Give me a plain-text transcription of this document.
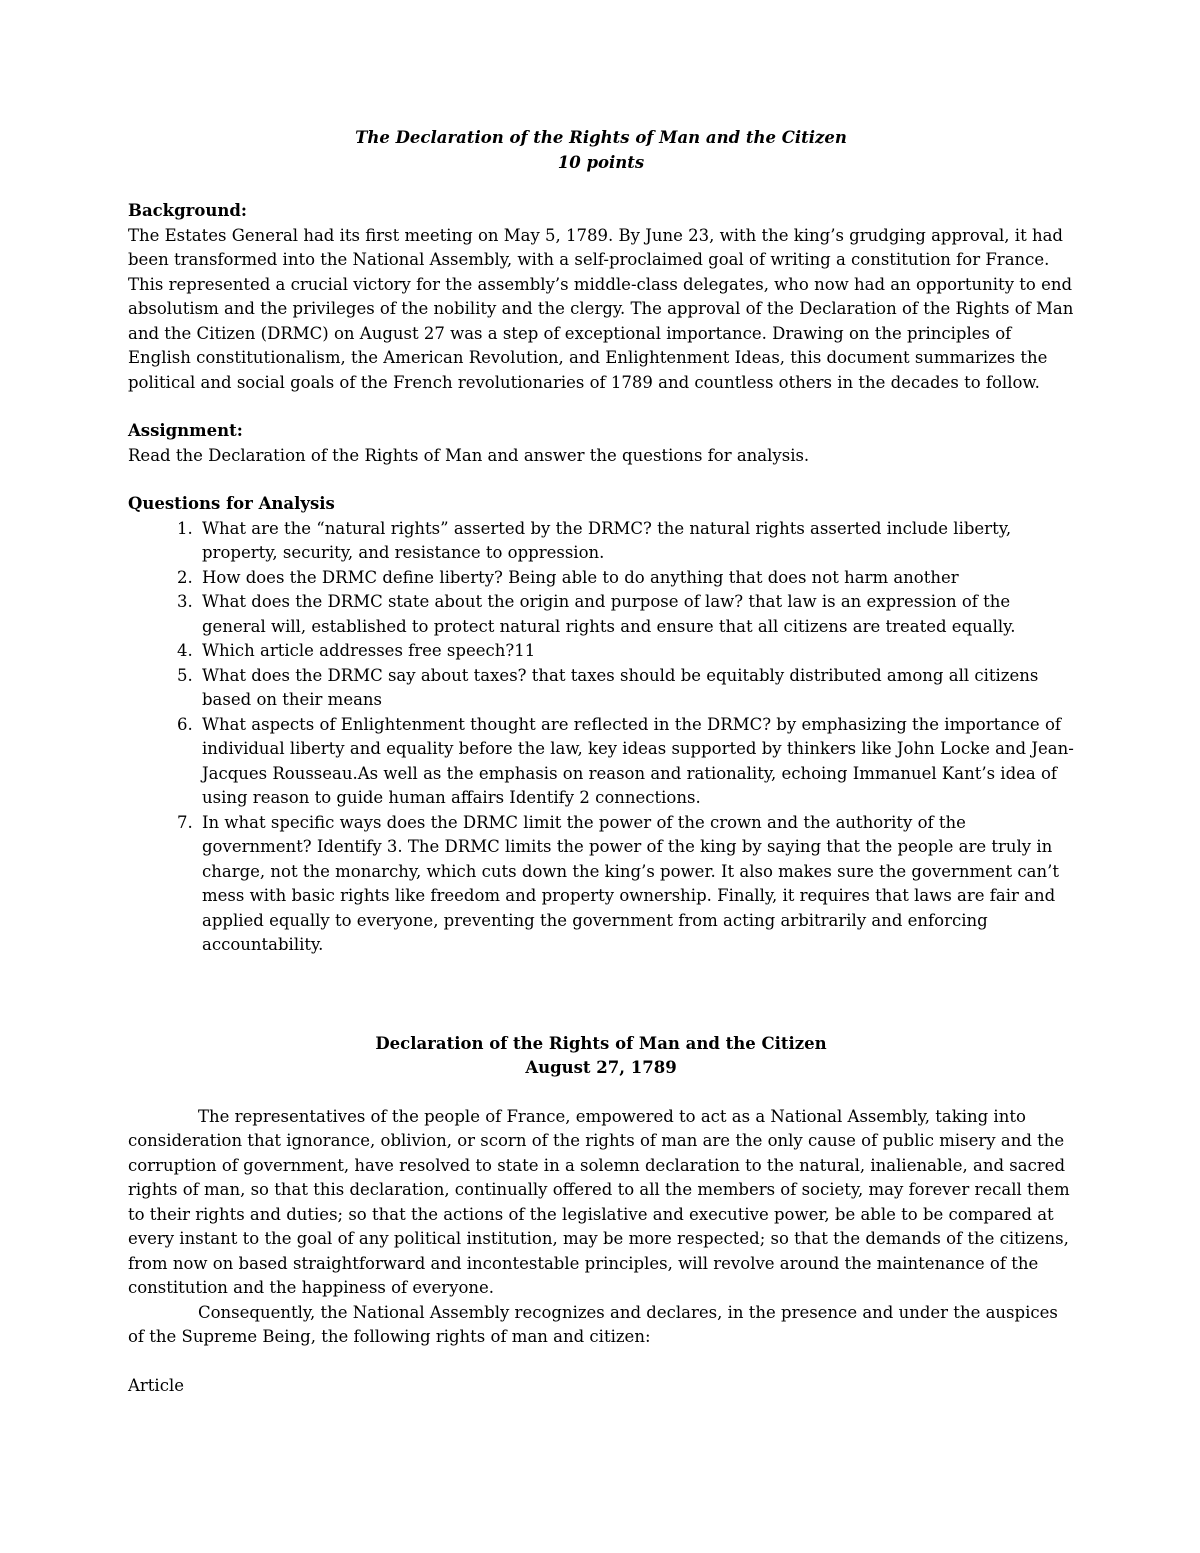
The Declaration of the Rights of Man and the Citizen
10 points
Background:

The Estates General had its first meeting on May 5, 1789. By June 23, with the king’s grudging approval, it had been transformed into the National Assembly, with a self-proclaimed goal of writing a constitution for France. This represented a crucial victory for the assembly’s middle-class delegates, who now had an opportunity to end absolutism and the privileges of the nobility and the clergy. The approval of the Declaration of the Rights of Man and the Citizen (DRMC) on August 27 was a step of exceptional importance. Drawing on the principles of English constitutionalism, the American Revolution, and Enlightenment Ideas, this document summarizes the political and social goals of the French revolutionaries of 1789 and countless others in the decades to follow.

Assignment:

Read the Declaration of the Rights of Man and answer the questions for analysis.

Questions for Analysis
1. What are the “natural rights” asserted by the DRMC? the natural rights asserted include liberty, property, security, and resistance to oppression.
2. How does the DRMC define liberty? Being able to do anything that does not harm another
3. What does the DRMC state about the origin and purpose of law? that law is an expression of the general will, established to protect natural rights and ensure that all citizens are treated equally.
4. Which article addresses free speech?11
5. What does the DRMC say about taxes? that taxes should be equitably distributed among all citizens based on their means
6. What aspects of Enlightenment thought are reflected in the DRMC? by emphasizing the importance of individual liberty and equality before the law, key ideas supported by thinkers like John Locke and Jean-Jacques Rousseau.As well as the emphasis on reason and rationality, echoing Immanuel Kant’s idea of using reason to guide human affairs Identify 2 connections.
7. In what specific ways does the DRMC limit the power of the crown and the authority of the government? Identify 3. The DRMC limits the power of the king by saying that the people are truly in charge, not the monarchy, which cuts down the king’s power. It also makes sure the government can’t mess with basic rights like freedom and property ownership. Finally, it requires that laws are fair and applied equally to everyone, preventing the government from acting arbitrarily and enforcing accountability.
Declaration of the Rights of Man and the Citizen
August 27, 1789

The representatives of the people of France, empowered to act as a National Assembly, taking into consideration that ignorance, oblivion, or scorn of the rights of man are the only cause of public misery and the corruption of government, have resolved to state in a solemn declaration to the natural, inalienable, and sacred rights of man, so that this declaration, continually offered to all the members of society, may forever recall them to their rights and duties; so that the actions of the legislative and executive power, be able to be compared at every instant to the goal of any political institution, may be more respected; so that the demands of the citizens, from now on based straightforward and incontestable principles, will revolve around the maintenance of the constitution and the happiness of everyone.

Consequently, the National Assembly recognizes and declares, in the presence and under the auspices of the Supreme Being, the following rights of man and citizen:

Article
